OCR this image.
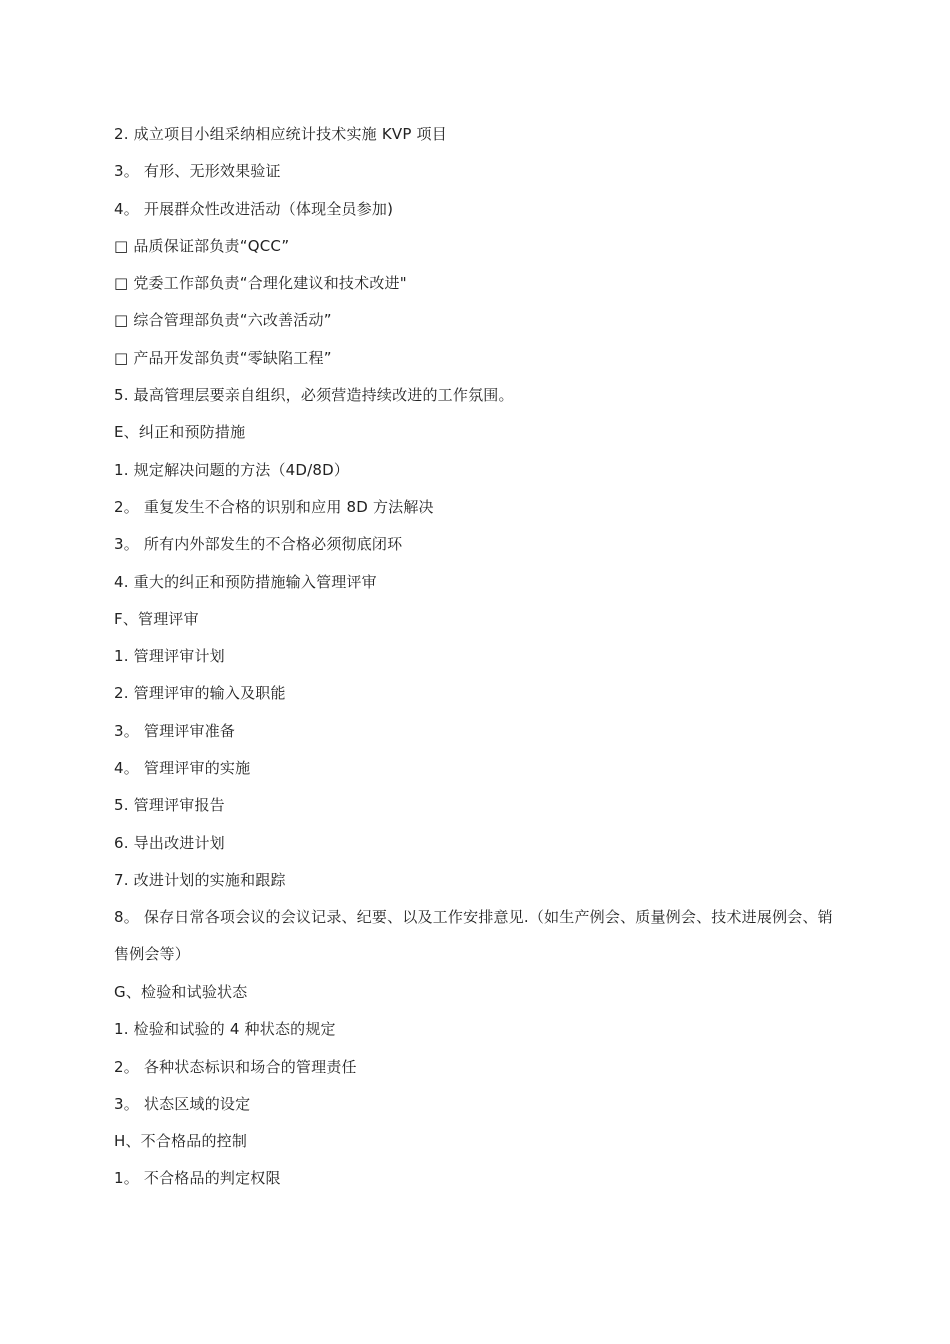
2. 成立项目小组采纳相应统计技术实施 KVP 项目
3。 有形、无形效果验证
4。 开展群众性改进活动（体现全员参加)
□ 品质保证部负责“QCC”
□ 党委工作部负责“合理化建议和技术改进"
□ 综合管理部负责“六改善活动”
□ 产品开发部负责“零缺陷工程”
5. 最高管理层要亲自组织，必须营造持续改进的工作氛围。
E、纠正和预防措施
1. 规定解决问题的方法（4D/8D）
2。 重复发生不合格的识别和应用 8D 方法解决
3。 所有内外部发生的不合格必须彻底闭环
4. 重大的纠正和预防措施输入管理评审
F、管理评审
1. 管理评审计划
2. 管理评审的输入及职能
3。 管理评审准备
4。 管理评审的实施
5. 管理评审报告
6. 导出改进计划
7. 改进计划的实施和跟踪
8。 保存日常各项会议的会议记录、纪要、以及工作安排意见.（如生产例会、质量例会、技术进展例会、销售例会等）
G、检验和试验状态
1. 检验和试验的 4 种状态的规定
2。 各种状态标识和场合的管理责任
3。 状态区域的设定
H、不合格品的控制
1。 不合格品的判定权限
